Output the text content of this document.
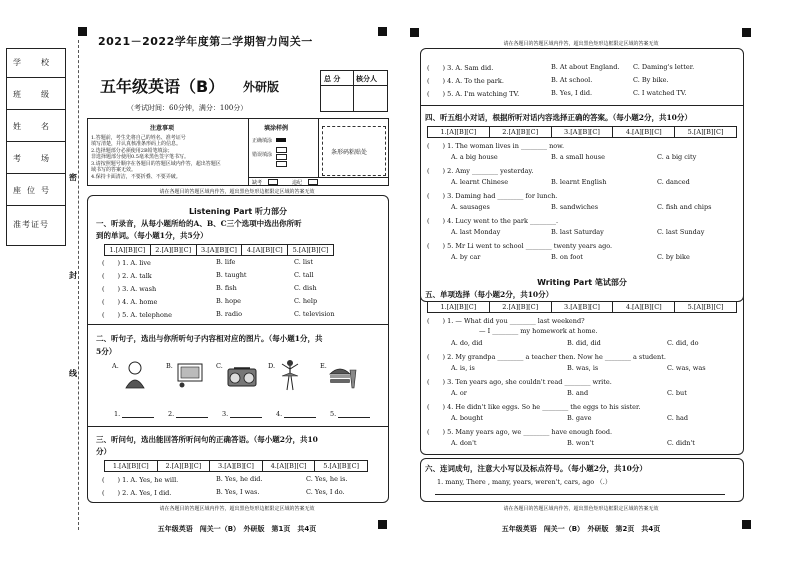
学　校
班　级
姓　名
考　场
座位号
准考证号
密
封
线
2021－2022学年度第二学期智力闯关一
五年级英语（B） 外研版
（考试时间：60分钟，满分：100分）
总 分 核分人
注意事项
1.答题前，考生先将自己的姓名、准考证号
填写清楚，并认真核准条形码上的信息。
2.选择题部分必须使用2B铅笔填涂；
非选择题部分使用0.5毫米黑色签字笔书写。
3.请按照题号顺序在各题目的答题区域内作答，超出答题区
域书写的答案无效。
4.保持卡面清洁，不要折叠、不要弄破。
填涂样例
正确填涂
错误填涂
缺考	违纪
条形码粘贴处
请在各题目的答题区域内作答，超出黑色矩形边框限定区域的答案无效
Listening Part 听力部分
一、听录音，从每小题所给的A、B、C三个选项中选出你所听
到的单词。（每小题1分，共5分）
1.[A][B][C]	2.[A][B][C]	3.[A][B][C]	4.[A][B][C]	5.[A][B][C]
(　　) 1. A. live	B. life	C. list
(　　) 2. A. talk	B. taught	C. tall
(　　) 3. A. wash	B. fish	C. dish
(　　) 4. A. home	B. hope	C. help
(　　) 5. A. telephone	B. radio	C. television
二、听句子，选出与你所听句子内容相对应的图片。（每小题1分，共
5分）
A.	B.	C.	D.	E.
1.	2.	3.	4.	5.
三、听问句，选出能回答所听问句的正确答语。（每小题2分，共10
分）
1.[A][B][C]	2.[A][B][C]	3.[A][B][C]	4.[A][B][C]	5.[A][B][C]
(　　) 1. A. Yes, he will.	B. Yes, he did.	C. Yes, he is.
(　　) 2. A. Yes, I did.	B. Yes, I was.	C. Yes, I do.
请在各题目的答题区域内作答，超出黑色矩形边框限定区域的答案无效
五年级英语　闯关一（B）　外研版　第1页　共4页
请在各题目的答题区域内作答，超出黑色矩形边框限定区域的答案无效
(　　) 3. A. Sam did.	B. At about England. C. Daming's letter.
(　　) 4. A. To the park.	B. At school.	C. By bike.
(　　) 5. A. I'm watching TV.	B. Yes, I did.	C. I watched TV.
四、听五组小对话，根据所听对话内容选择正确的答案。（每小题2分，共10分）
1.[A][B][C]	2.[A][B][C]	3.[A][B][C]	4.[A][B][C]	5.[A][B][C]
(　　) 1. The woman lives in ________ now.
A. a big house	B. a small house	C. a big city
(　　) 2. Amy ________ yesterday.
A. learnt Chinese	B. learnt English	C. danced
(　　) 3. Daming had ________ for lunch.
A. sausages	B. sandwiches	C. fish and chips
(　　) 4. Lucy went to the park ________.
A. last Monday	B. last Saturday	C. last Sunday
(　　) 5. Mr Li went to school ________ twenty years ago.
A. by car	B. on foot	C. by bike
Writing Part 笔试部分
五、单项选择（每小题2分，共10分）
1.[A][B][C]	2.[A][B][C]	3.[A][B][C]	4.[A][B][C]	5.[A][B][C]
(　　) 1. — What did you ________ last weekend?
— I ________ my homework at home.
A. do, did	B. did, did	C. did, do
(　　) 2. My grandpa ________ a teacher then. Now he ________ a student.
A. is, is	B. was, is	C. was, was
(　　) 3. Ten years ago, she couldn't read ________ write.
A. or	B. and	C. but
(　　) 4. He didn't like eggs. So he ________ the eggs to his sister.
A. bought	B. gave	C. had
(　　) 5. Many years ago, we ________ have enough food.
A. don't	B. won't	C. didn't
六、连词成句，注意大小写以及标点符号。（每小题2分，共10分）
1. many, There , many, years, weren't, cars, ago （.）
请在各题目的答题区域内作答，超出黑色矩形边框限定区域的答案无效
五年级英语　闯关一（B）　外研版　第2页　共4页
